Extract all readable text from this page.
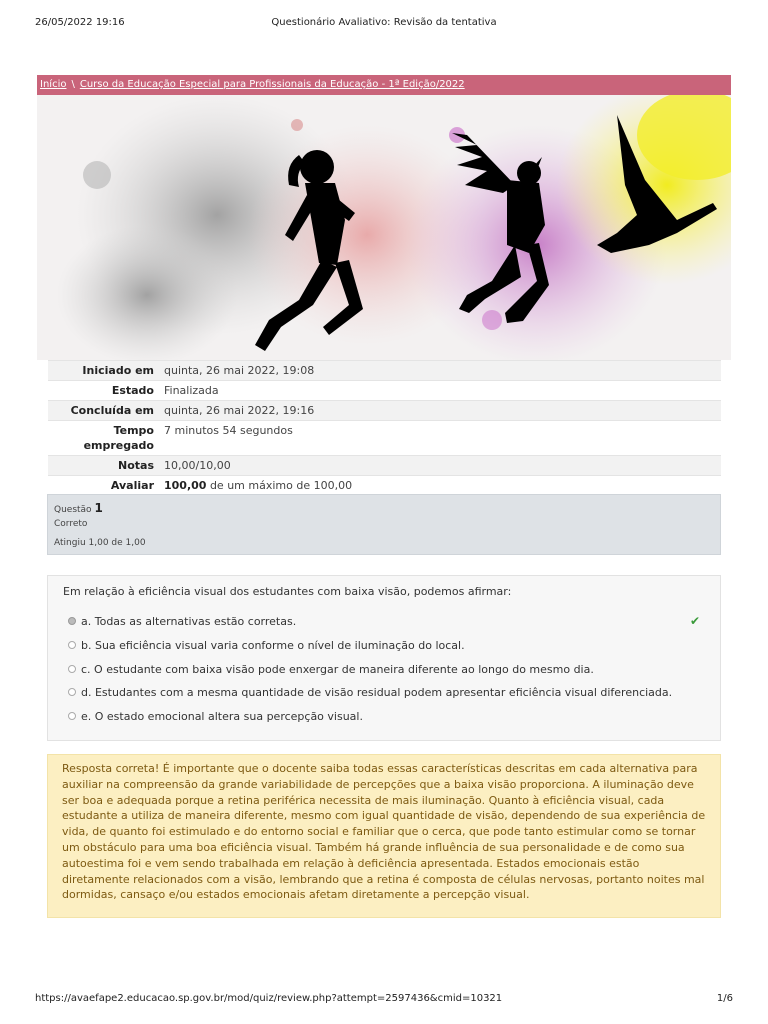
26/05/2022 19:16	Questionário Avaliativo: Revisão da tentativa
Início \ Curso da Educação Especial para Profissionais da Educação - 1ª Edição/2022
Iniciado em	quinta, 26 mai 2022, 19:08
Estado	Finalizada
Concluída em	quinta, 26 mai 2022, 19:16
Tempo empregado	7 minutos 54 segundos
Notas	10,00/10,00
Avaliar	100,00 de um máximo de 100,00
Questão 1
Correto
Atingiu 1,00 de 1,00
Em relação à eficiência visual dos estudantes com baixa visão, podemos afirmar:
a. Todas as alternativas estão corretas.	✔
b. Sua eficiência visual varia conforme o nível de iluminação do local.
c. O estudante com baixa visão pode enxergar de maneira diferente ao longo do mesmo dia.
d. Estudantes com a mesma quantidade de visão residual podem apresentar eficiência visual diferenciada.
e. O estado emocional altera sua percepção visual.
Resposta correta! É importante que o docente saiba todas essas características descritas em cada alternativa para auxiliar na compreensão da grande variabilidade de percepções que a baixa visão proporciona. A iluminação deve ser boa e adequada porque a retina periférica necessita de mais iluminação. Quanto à eficiência visual, cada estudante a utiliza de maneira diferente, mesmo com igual quantidade de visão, dependendo de sua experiência de vida, de quanto foi estimulado e do entorno social e familiar que o cerca, que pode tanto estimular como se tornar um obstáculo para uma boa eficiência visual. Também há grande influência de sua personalidade e de como sua autoestima foi e vem sendo trabalhada em relação à deficiência apresentada. Estados emocionais estão diretamente relacionados com a visão, lembrando que a retina é composta de células nervosas, portanto noites mal dormidas, cansaço e/ou estados emocionais afetam diretamente a percepção visual.
https://avaefape2.educacao.sp.gov.br/mod/quiz/review.php?attempt=2597436&cmid=10321	1/6
